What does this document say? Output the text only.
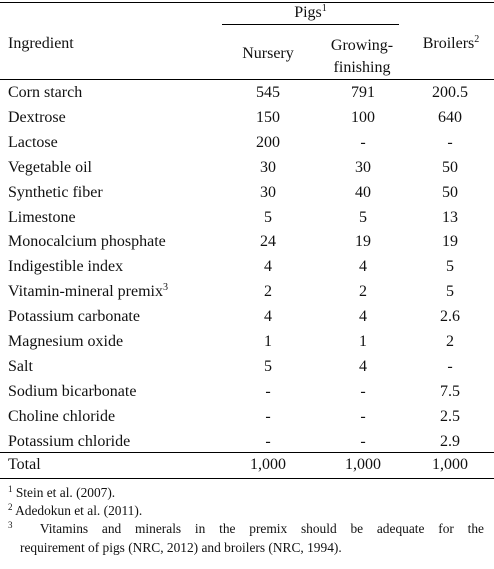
Ingredient
Pigs$^1$
Nursery	Growing-
finishing
Broilers$^2$
Corn starch	545	791	200.5
Dextrose	150	100	640
Lactose	200	-	-
Vegetable oil	30	30	50
Synthetic fiber	30	40	50
Limestone	5	5	13
Monocalcium phosphate	24	19	19
Indigestible index	4	4	5
Vitamin-mineral premix$^3$	2	2	5
Potassium carbonate	4	4	2.6
Magnesium oxide	1	1	2
Salt	5	4	-
Sodium bicarbonate	-	-	7.5
Choline chloride	-	-	2.5
Potassium chloride	-	-	2.9
Total	1,000	1,000	1,000
$^1$ Stein et al. (2007).
$^2$ Adedokun et al. (2011).
$^3$ Vitamins and minerals in the premix should be adequate for the
requirement of pigs (NRC, 2012) and broilers (NRC, 1994).
